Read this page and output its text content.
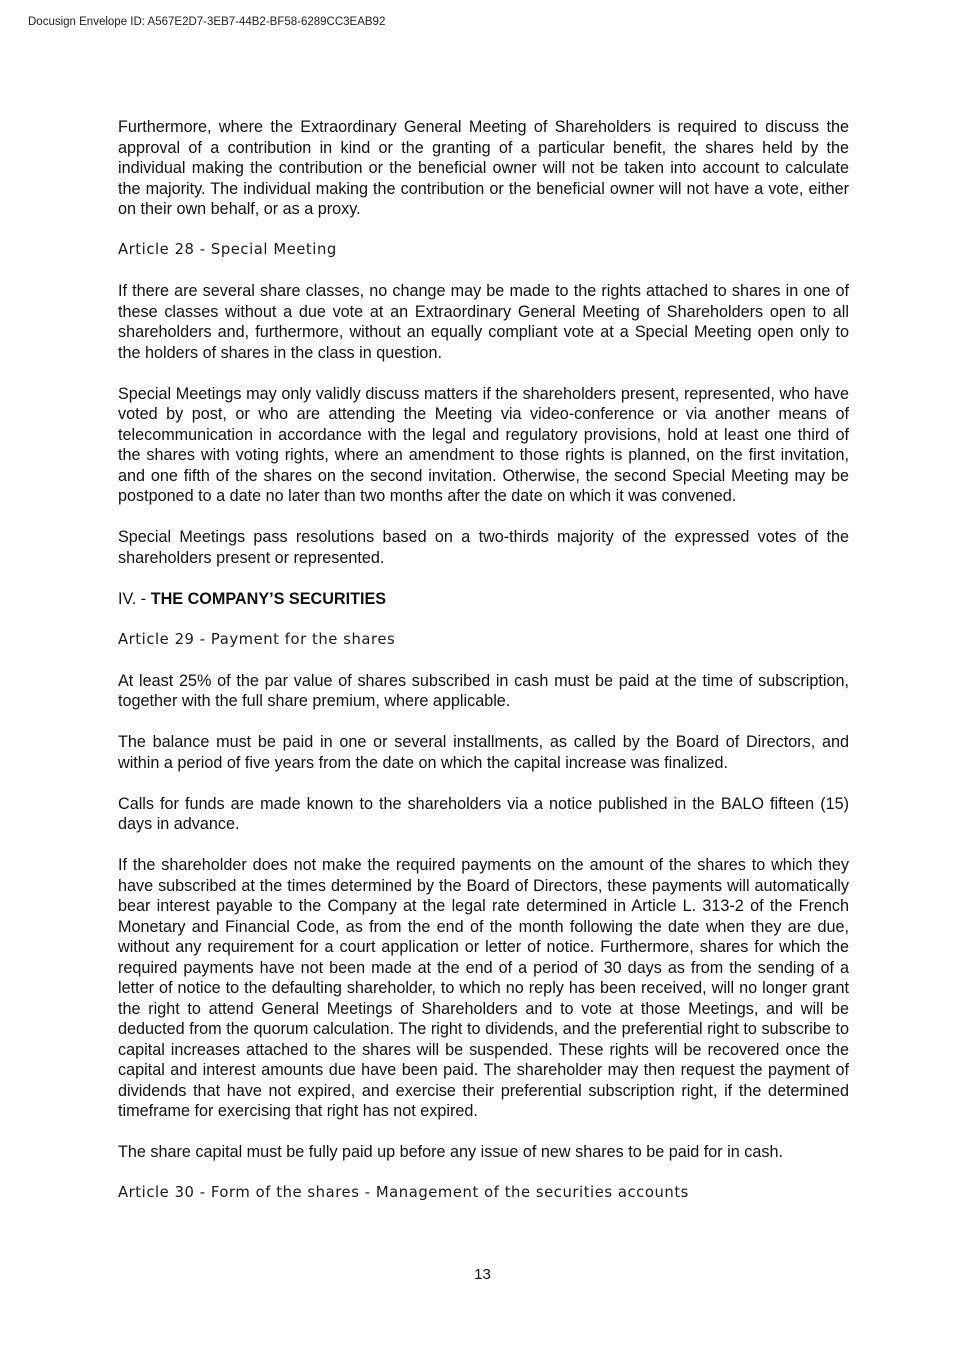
Docusign Envelope ID: A567E2D7-3EB7-44B2-BF58-6289CC3EAB92

Furthermore, where the Extraordinary General Meeting of Shareholders is required to discuss the approval of a contribution in kind or the granting of a particular benefit, the shares held by the individual making the contribution or the beneficial owner will not be taken into account to calculate the majority. The individual making the contribution or the beneficial owner will not have a vote, either on their own behalf, or as a proxy.

Article 28 - Special Meeting

If there are several share classes, no change may be made to the rights attached to shares in one of these classes without a due vote at an Extraordinary General Meeting of Shareholders open to all shareholders and, furthermore, without an equally compliant vote at a Special Meeting open only to the holders of shares in the class in question.

Special Meetings may only validly discuss matters if the shareholders present, represented, who have voted by post, or who are attending the Meeting via video-conference or via another means of telecommunication in accordance with the legal and regulatory provisions, hold at least one third of the shares with voting rights, where an amendment to those rights is planned, on the first invitation, and one fifth of the shares on the second invitation. Otherwise, the second Special Meeting may be postponed to a date no later than two months after the date on which it was convened.

Special Meetings pass resolutions based on a two-thirds majority of the expressed votes of the shareholders present or represented.

IV. - THE COMPANY’S SECURITIES

Article 29 - Payment for the shares

At least 25% of the par value of shares subscribed in cash must be paid at the time of subscription, together with the full share premium, where applicable.

The balance must be paid in one or several installments, as called by the Board of Directors, and within a period of five years from the date on which the capital increase was finalized.

Calls for funds are made known to the shareholders via a notice published in the BALO fifteen (15) days in advance.

If the shareholder does not make the required payments on the amount of the shares to which they have subscribed at the times determined by the Board of Directors, these payments will automatically bear interest payable to the Company at the legal rate determined in Article L. 313-2 of the French Monetary and Financial Code, as from the end of the month following the date when they are due, without any requirement for a court application or letter of notice. Furthermore, shares for which the required payments have not been made at the end of a period of 30 days as from the sending of a letter of notice to the defaulting shareholder, to which no reply has been received, will no longer grant the right to attend General Meetings of Shareholders and to vote at those Meetings, and will be deducted from the quorum calculation. The right to dividends, and the preferential right to subscribe to capital increases attached to the shares will be suspended. These rights will be recovered once the capital and interest amounts due have been paid. The shareholder may then request the payment of dividends that have not expired, and exercise their preferential subscription right, if the determined timeframe for exercising that right has not expired.

The share capital must be fully paid up before any issue of new shares to be paid for in cash.

Article 30 - Form of the shares - Management of the securities accounts

13
